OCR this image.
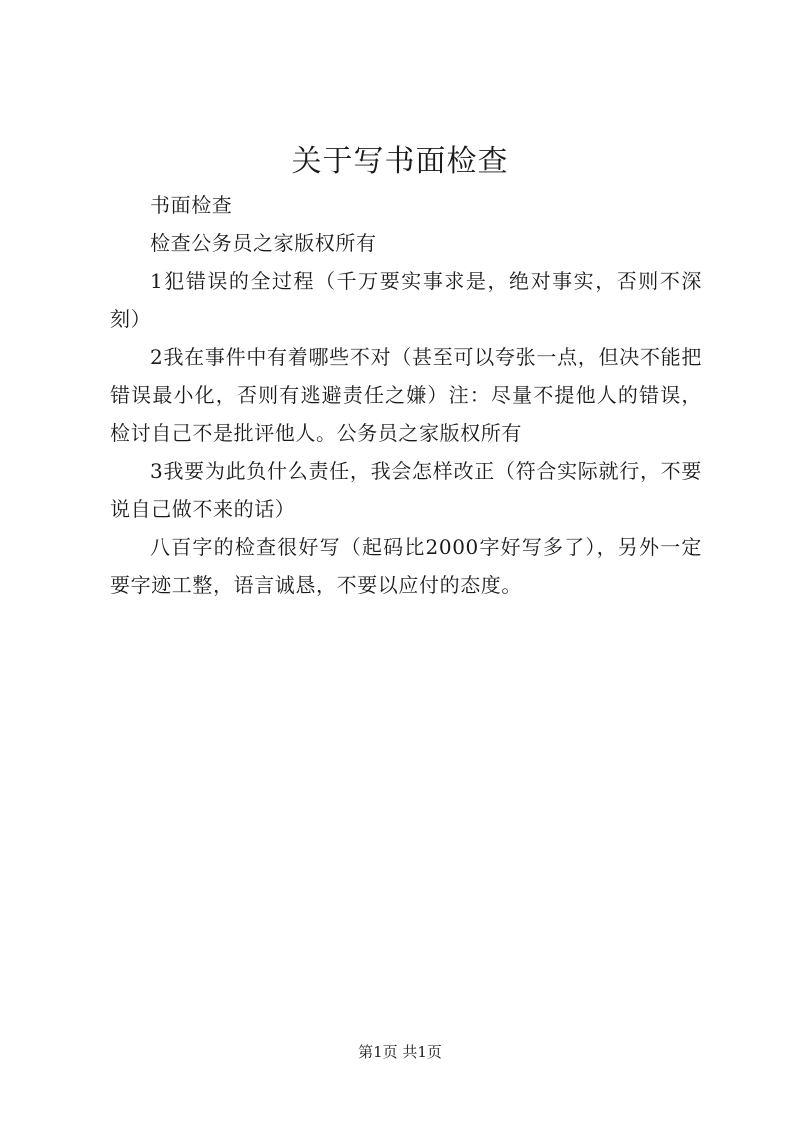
关于写书面检查

书面检查

检查公务员之家版权所有

1犯错误的全过程（千万要实事求是，绝对事实，否则不深刻）

2我在事件中有着哪些不对（甚至可以夸张一点，但决不能把错误最小化，否则有逃避责任之嫌）注：尽量不提他人的错误，检讨自己不是批评他人。公务员之家版权所有

3我要为此负什么责任，我会怎样改正（符合实际就行，不要说自己做不来的话）

八百字的检查很好写（起码比2000字好写多了），另外一定要字迹工整，语言诚恳，不要以应付的态度。

第1页 共1页
